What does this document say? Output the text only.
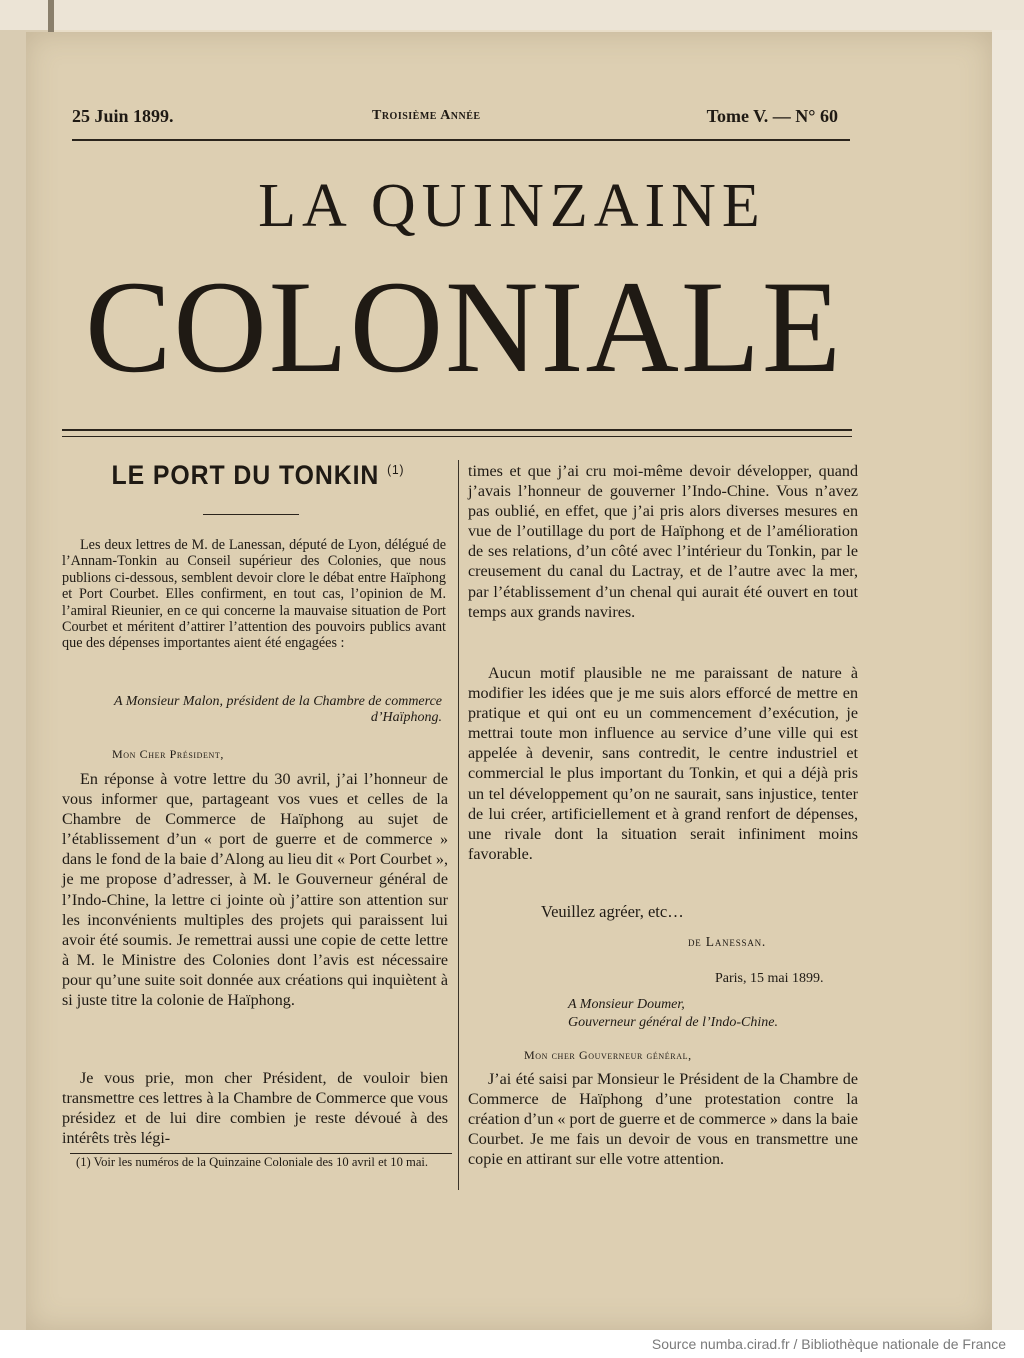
25 Juin 1899.	Troisième Année	Tome V. — N° 60
LA QUINZAINE
COLONIALE
LE PORT DU TONKIN $^{(1)}$

Les deux lettres de M. de Lanessan, député de Lyon, délégué de l’Annam-Tonkin au Conseil supérieur des Colonies, que nous publions ci-dessous, semblent devoir clore le débat entre Haïphong et Port Courbet. Elles confirment, en tout cas, l’opinion de M. l’amiral Rieunier, en ce qui concerne la mauvaise situation de Port Courbet et méritent d’attirer l’attention des pouvoirs publics avant que des dépenses importantes aient été engagées :

A Monsieur Malon, président de la Chambre de commerce d’Haïphong.

Mon Cher Président,

En réponse à votre lettre du 30 avril, j’ai l’honneur de vous informer que, partageant vos vues et celles de la Chambre de Commerce de Haïphong au sujet de l’établissement d’un « port de guerre et de commerce » dans le fond de la baie d’Along au lieu dit « Port Courbet », je me propose d’adresser, à M. le Gouverneur général de l’Indo-Chine, la lettre ci jointe où j’attire son attention sur les inconvénients multiples des projets qui paraissent lui avoir été soumis. Je remettrai aussi une copie de cette lettre à M. le Ministre des Colonies dont l’avis est nécessaire pour qu’une suite soit donnée aux créations qui inquiètent à si juste titre la colonie de Haïphong.

Je vous prie, mon cher Président, de vouloir bien transmettre ces lettres à la Chambre de Commerce que vous présidez et de lui dire combien je reste dévoué à des intérêts très légi-

(1) Voir les numéros de la Quinzaine Coloniale des 10 avril et 10 mai.

times et que j’ai cru moi-même devoir développer, quand j’avais l’honneur de gouverner l’Indo-Chine. Vous n’avez pas oublié, en effet, que j’ai pris alors diverses mesures en vue de l’outillage du port de Haïphong et de l’amélioration de ses relations, d’un côté avec l’intérieur du Tonkin, par le creusement du canal du Lactray, et de l’autre avec la mer, par l’établissement d’un chenal qui aurait été ouvert en tout temps aux grands navires.

Aucun motif plausible ne me paraissant de nature à modifier les idées que je me suis alors efforcé de mettre en pratique et qui ont eu un commencement d’exécution, je mettrai toute mon influence au service d’une ville qui est appelée à devenir, sans contredit, le centre industriel et commercial le plus important du Tonkin, et qui a déjà pris un tel développement qu’on ne saurait, sans injustice, tenter de lui créer, artificiellement et à grand renfort de dépenses, une rivale dont la situation serait infiniment moins favorable.

Veuillez agréer, etc…

de Lanessan.

Paris, 15 mai 1899.

A Monsieur Doumer,
Gouverneur général de l’Indo-Chine.

Mon cher Gouverneur général,

J’ai été saisi par Monsieur le Président de la Chambre de Commerce de Haïphong d’une protestation contre la création d’un « port de guerre et de commerce » dans la baie Courbet. Je me fais un devoir de vous en transmettre une copie en attirant sur elle votre attention.

Source numba.cirad.fr / Bibliothèque nationale de France
